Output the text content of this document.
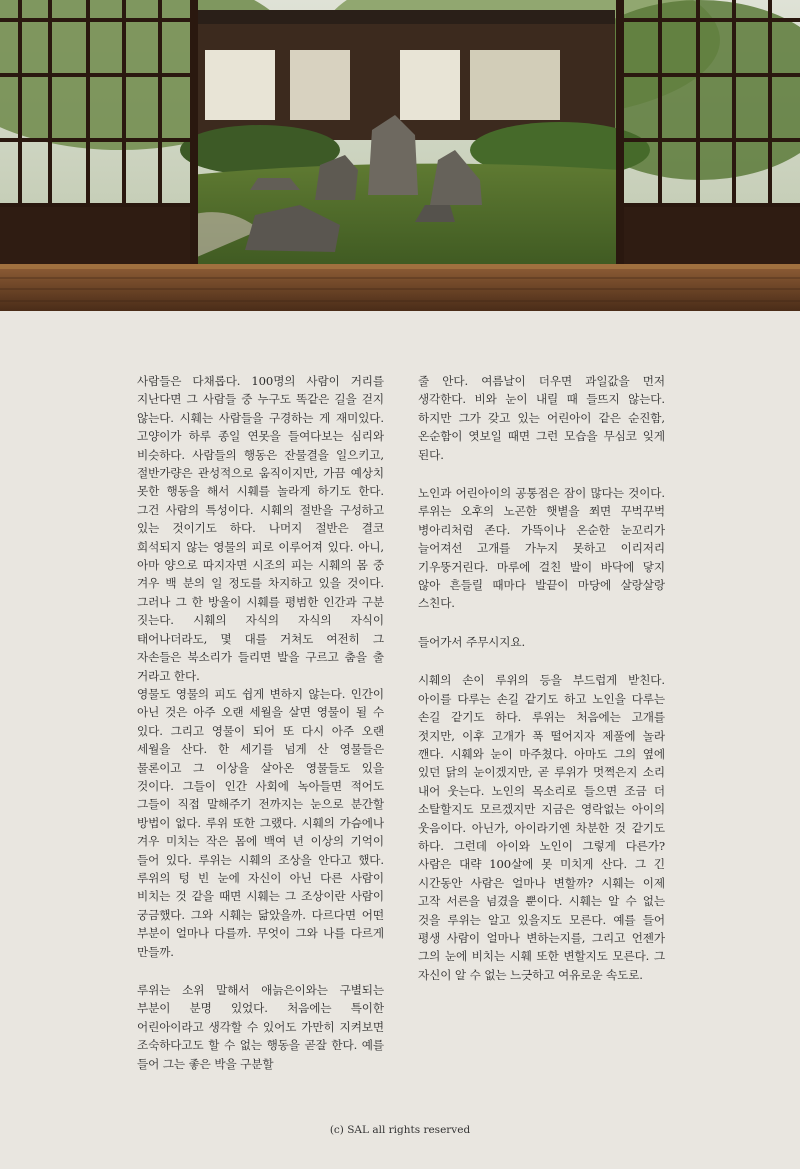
사람들은 다채롭다. 100명의 사람이 거리를 지난다면 그 사람들 중 누구도 똑같은 길을 걷지 않는다. 시훼는 사람들을 구경하는 게 재미있다. 고양이가 하루 종일 연못을 들여다보는 심리와 비슷하다. 사람들의 행동은 잔물결을 일으키고, 절반가량은 관성적으로 움직이지만, 가끔 예상치 못한 행동을 해서 시훼를 놀라게 하기도 한다. 그건 사람의 특성이다. 시훼의 절반을 구성하고 있는 것이기도 하다. 나머지 절반은 결코 희석되지 않는 영물의 피로 이루어져 있다. 아니, 아마 양으로 따지자면 시조의 피는 시훼의 몸 중 겨우 백 분의 일 정도를 차지하고 있을 것이다. 그러나 그 한 방울이 시훼를 평범한 인간과 구분 짓는다. 시훼의 자식의 자식의 자식이 태어나더라도, 몇 대를 거쳐도 여전히 그 자손들은 북소리가 들리면 발을 구르고 춤을 출 거라고 한다.

영물도 영물의 피도 쉽게 변하지 않는다. 인간이 아닌 것은 아주 오랜 세월을 살면 영물이 될 수 있다. 그리고 영물이 되어 또 다시 아주 오랜 세월을 산다. 한 세기를 넘게 산 영물들은 물론이고 그 이상을 살아온 영물들도 있을 것이다. 그들이 인간 사회에 녹아들면 적어도 그들이 직접 말해주기 전까지는 눈으로 분간할 방법이 없다. 루위 또한 그랬다. 시훼의 가슴에나 겨우 미치는 작은 몸에 백여 년 이상의 기억이 들어 있다. 루위는 시훼의 조상을 안다고 했다. 루위의 텅 빈 눈에 자신이 아닌 다른 사람이 비치는 것 같을 때면 시훼는 그 조상이란 사람이 궁금했다. 그와 시훼는 닮았을까. 다르다면 어떤 부분이 얼마나 다를까. 무엇이 그와 나를 다르게 만들까.

루위는 소위 말해서 애늙은이와는 구별되는 부분이 분명 있었다. 처음에는 특이한 어린아이라고 생각할 수 있어도 가만히 지켜보면 조숙하다고도 할 수 없는 행동을 곧잘 한다. 예를 들어 그는 좋은 박을 구분할

줄 안다. 여름날이 더우면 과일값을 먼저 생각한다. 비와 눈이 내릴 때 들뜨지 않는다. 하지만 그가 갖고 있는 어린아이 같은 순진함, 온순함이 엿보일 때면 그런 모습을 무심코 잊게 된다.

노인과 어린아이의 공통점은 잠이 많다는 것이다. 루위는 오후의 노곤한 햇볕을 쬐면 꾸벅꾸벅 병아리처럼 존다. 가뜩이나 온순한 눈꼬리가 늘어져선 고개를 가누지 못하고 이리저리 기우뚱거린다. 마루에 걸친 발이 바닥에 닿지 않아 흔들릴 때마다 발끝이 마당에 살랑살랑 스친다.

들어가서 주무시지요.

시훼의 손이 루위의 등을 부드럽게 받친다. 아이를 다루는 손길 같기도 하고 노인을 다루는 손길 같기도 하다. 루위는 처음에는 고개를 젓지만, 이후 고개가 푹 떨어지자 제풀에 놀라 깬다. 시훼와 눈이 마주쳤다. 아마도 그의 옆에 있던 닭의 눈이겠지만, 곧 루위가 멋쩍은지 소리 내어 웃는다. 노인의 목소리로 들으면 조금 더 소탈할지도 모르겠지만 지금은 영락없는 아이의 웃음이다. 아닌가, 아이라기엔 차분한 것 같기도 하다. 그런데 아이와 노인이 그렇게 다른가? 사람은 대략 100살에 못 미치게 산다. 그 긴 시간동안 사람은 얼마나 변할까? 시훼는 이제 고작 서른을 넘겼을 뿐이다. 시훼는 알 수 없는 것을 루위는 알고 있을지도 모른다. 예를 들어 평생 사람이 얼마나 변하는지를, 그리고 언젠가 그의 눈에 비치는 시훼 또한 변할지도 모른다. 그 자신이 알 수 없는 느긋하고 여유로운 속도로.

(c) SAL all rights reserved
